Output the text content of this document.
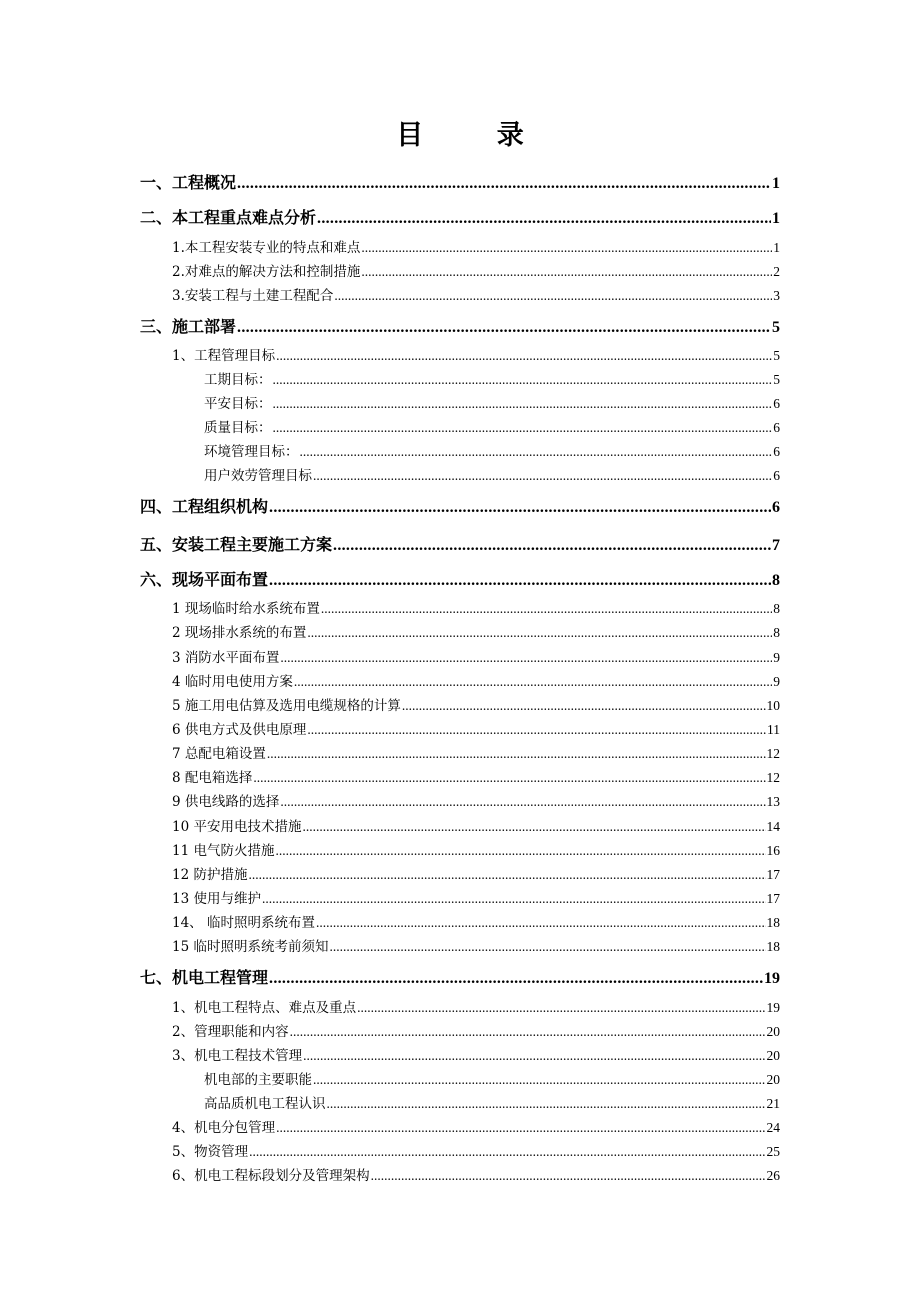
目 录
一、工程概况 .....	1
二、本工程重点难点分析 .....	1
1.本工程安装专业的特点和难点 .....	1
2.对难点的解决方法和控制措施 .....	2
3.安装工程与土建工程配合 .....	3
三、施工部署 .....	5
1、工程管理目标 .....	5
工期目标： .....	5
平安目标： .....	6
质量目标： .....	6
环境管理目标： .....	6
用户效劳管理目标 .....	6
四、工程组织机构 .....	6
五、安装工程主要施工方案 .....	7
六、现场平面布置 .....	8
1 现场临时给水系统布置 .....	8
2 现场排水系统的布置 .....	8
3 消防水平面布置 .....	9
4 临时用电使用方案 .....	9
5 施工用电估算及选用电缆规格的计算 .....	10
6 供电方式及供电原理 .....	11
7 总配电箱设置 .....	12
8 配电箱选择 .....	12
9 供电线路的选择 .....	13
10 平安用电技术措施 .....	14
11 电气防火措施 .....	16
12 防护措施 .....	17
13 使用与维护 .....	17
14、 临时照明系统布置 .....	18
15 临时照明系统考前须知 .....	18
七、机电工程管理 .....	19
1、机电工程特点、难点及重点 .....	19
2、管理职能和内容 .....	20
3、机电工程技术管理 .....	20
机电部的主要职能 .....	20
高品质机电工程认识 .....	21
4、机电分包管理 .....	24
5、物资管理 .....	25
6、机电工程标段划分及管理架构 .....	26
